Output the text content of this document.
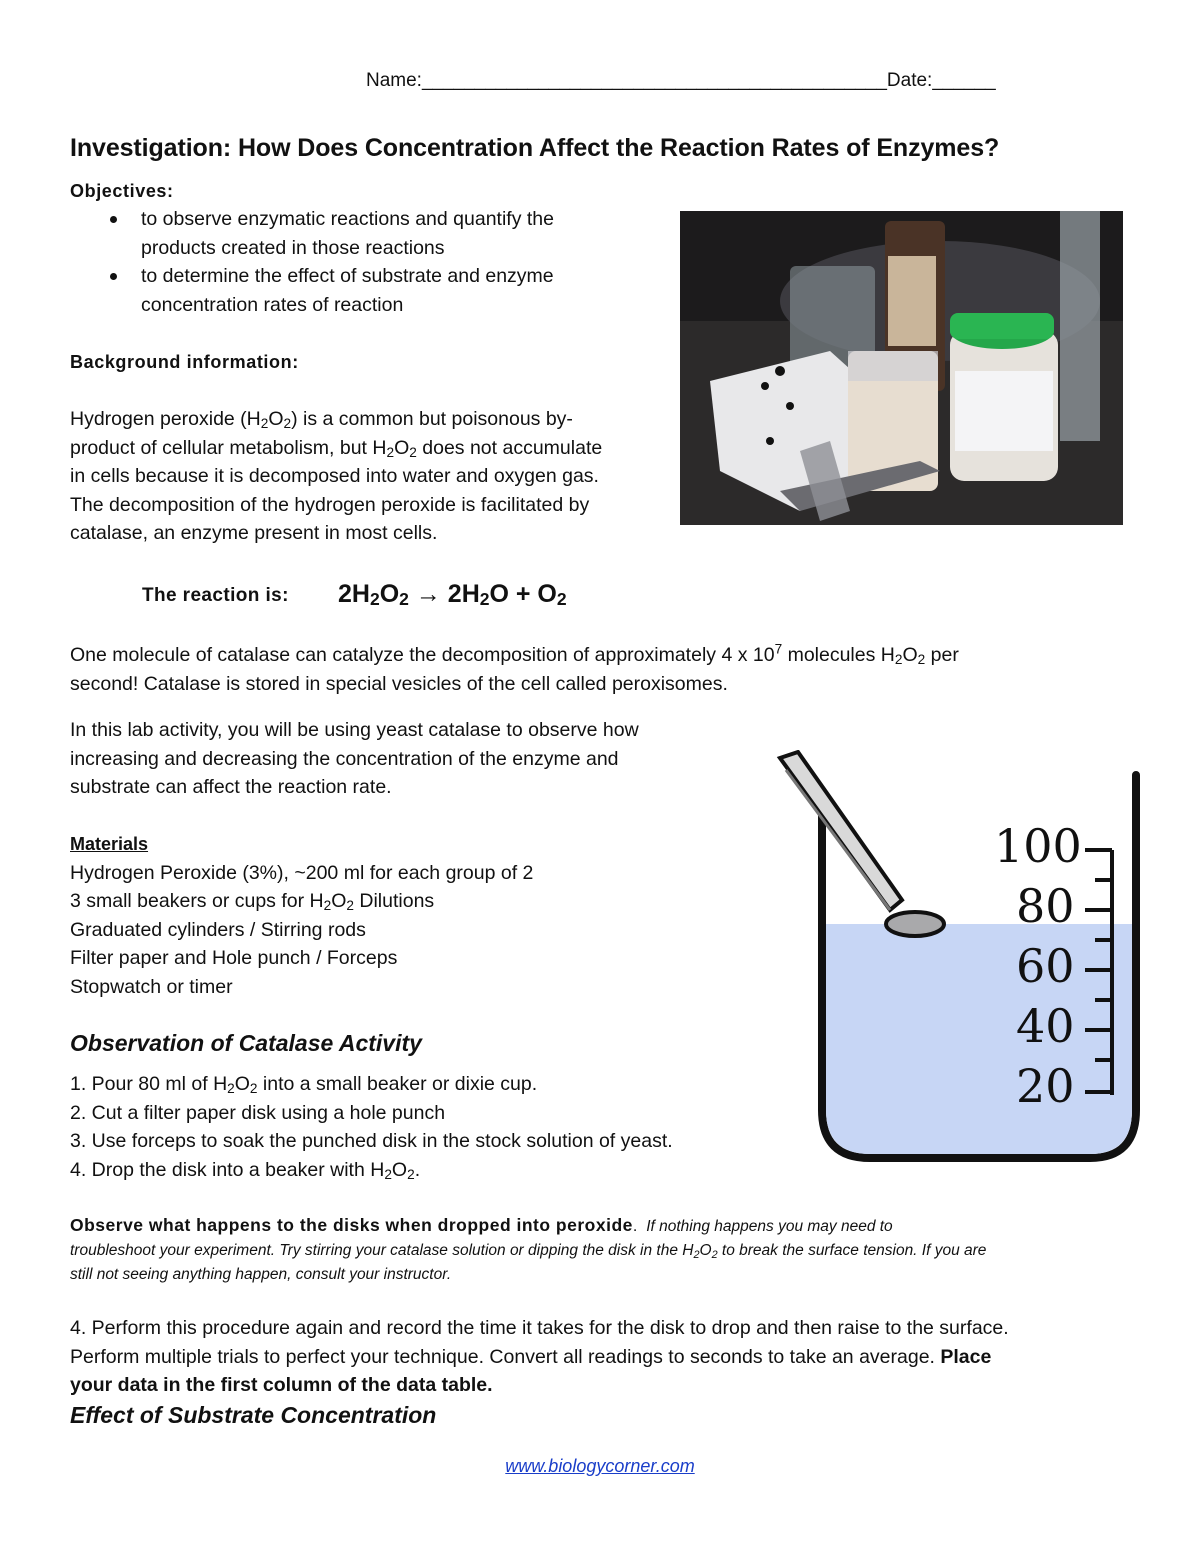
Name:____________________________________________Date:______
Investigation: How Does Concentration Affect the Reaction Rates of Enzymes?
Objectives:
to observe enzymatic reactions and quantify the
products created in those reactions
to determine the effect of substrate and enzyme
concentration rates of reaction
Background information:

Hydrogen peroxide $(H_2O_2)$ is a common but poisonous by-

product of cellular metabolism, but $H_2O_2$ does not accumulate

in cells because it is decomposed into water and oxygen gas.

The decomposition of the hydrogen peroxide is facilitated by

catalase, an enzyme present in most cells.

The reaction is: $2H_2O_2 \to 2H_2O + O_2$

One molecule of catalase can catalyze the decomposition of approximately 4 x $10^7$ molecules $H_2O_2$ per

second! Catalase is stored in special vesicles of the cell called peroxisomes.

In this lab activity, you will be using yeast catalase to observe how

increasing and decreasing the concentration of the enzyme and

substrate can affect the reaction rate.

Materials

Hydrogen Peroxide (3%), ~200 ml for each group of 2

3 small beakers or cups for $H_2O_2$ Dilutions

Graduated cylinders / Stirring rods

Filter paper and Hole punch / Forceps

Stopwatch or timer

100
80
60
40
20
Observation of Catalase Activity

1. Pour 80 ml of $H_2O_2$ into a small beaker or dixie cup.

2. Cut a filter paper disk using a hole punch

3. Use forceps to soak the punched disk in the stock solution of yeast.

4. Drop the disk into a beaker with $H_2O_2$.

Observe what happens to the disks when dropped into peroxide. If nothing happens you may need to
troubleshoot your experiment. Try stirring your catalase solution or dipping the disk in the $H_2O_2$ to break the surface tension. If you are
still not seeing anything happen, consult your instructor.

4. Perform this procedure again and record the time it takes for the disk to drop and then raise to the surface.

Perform multiple trials to perfect your technique. Convert all readings to seconds to take an average. Place

your data in the first column of the data table.

Effect of Substrate Concentration
www.biologycorner.com
